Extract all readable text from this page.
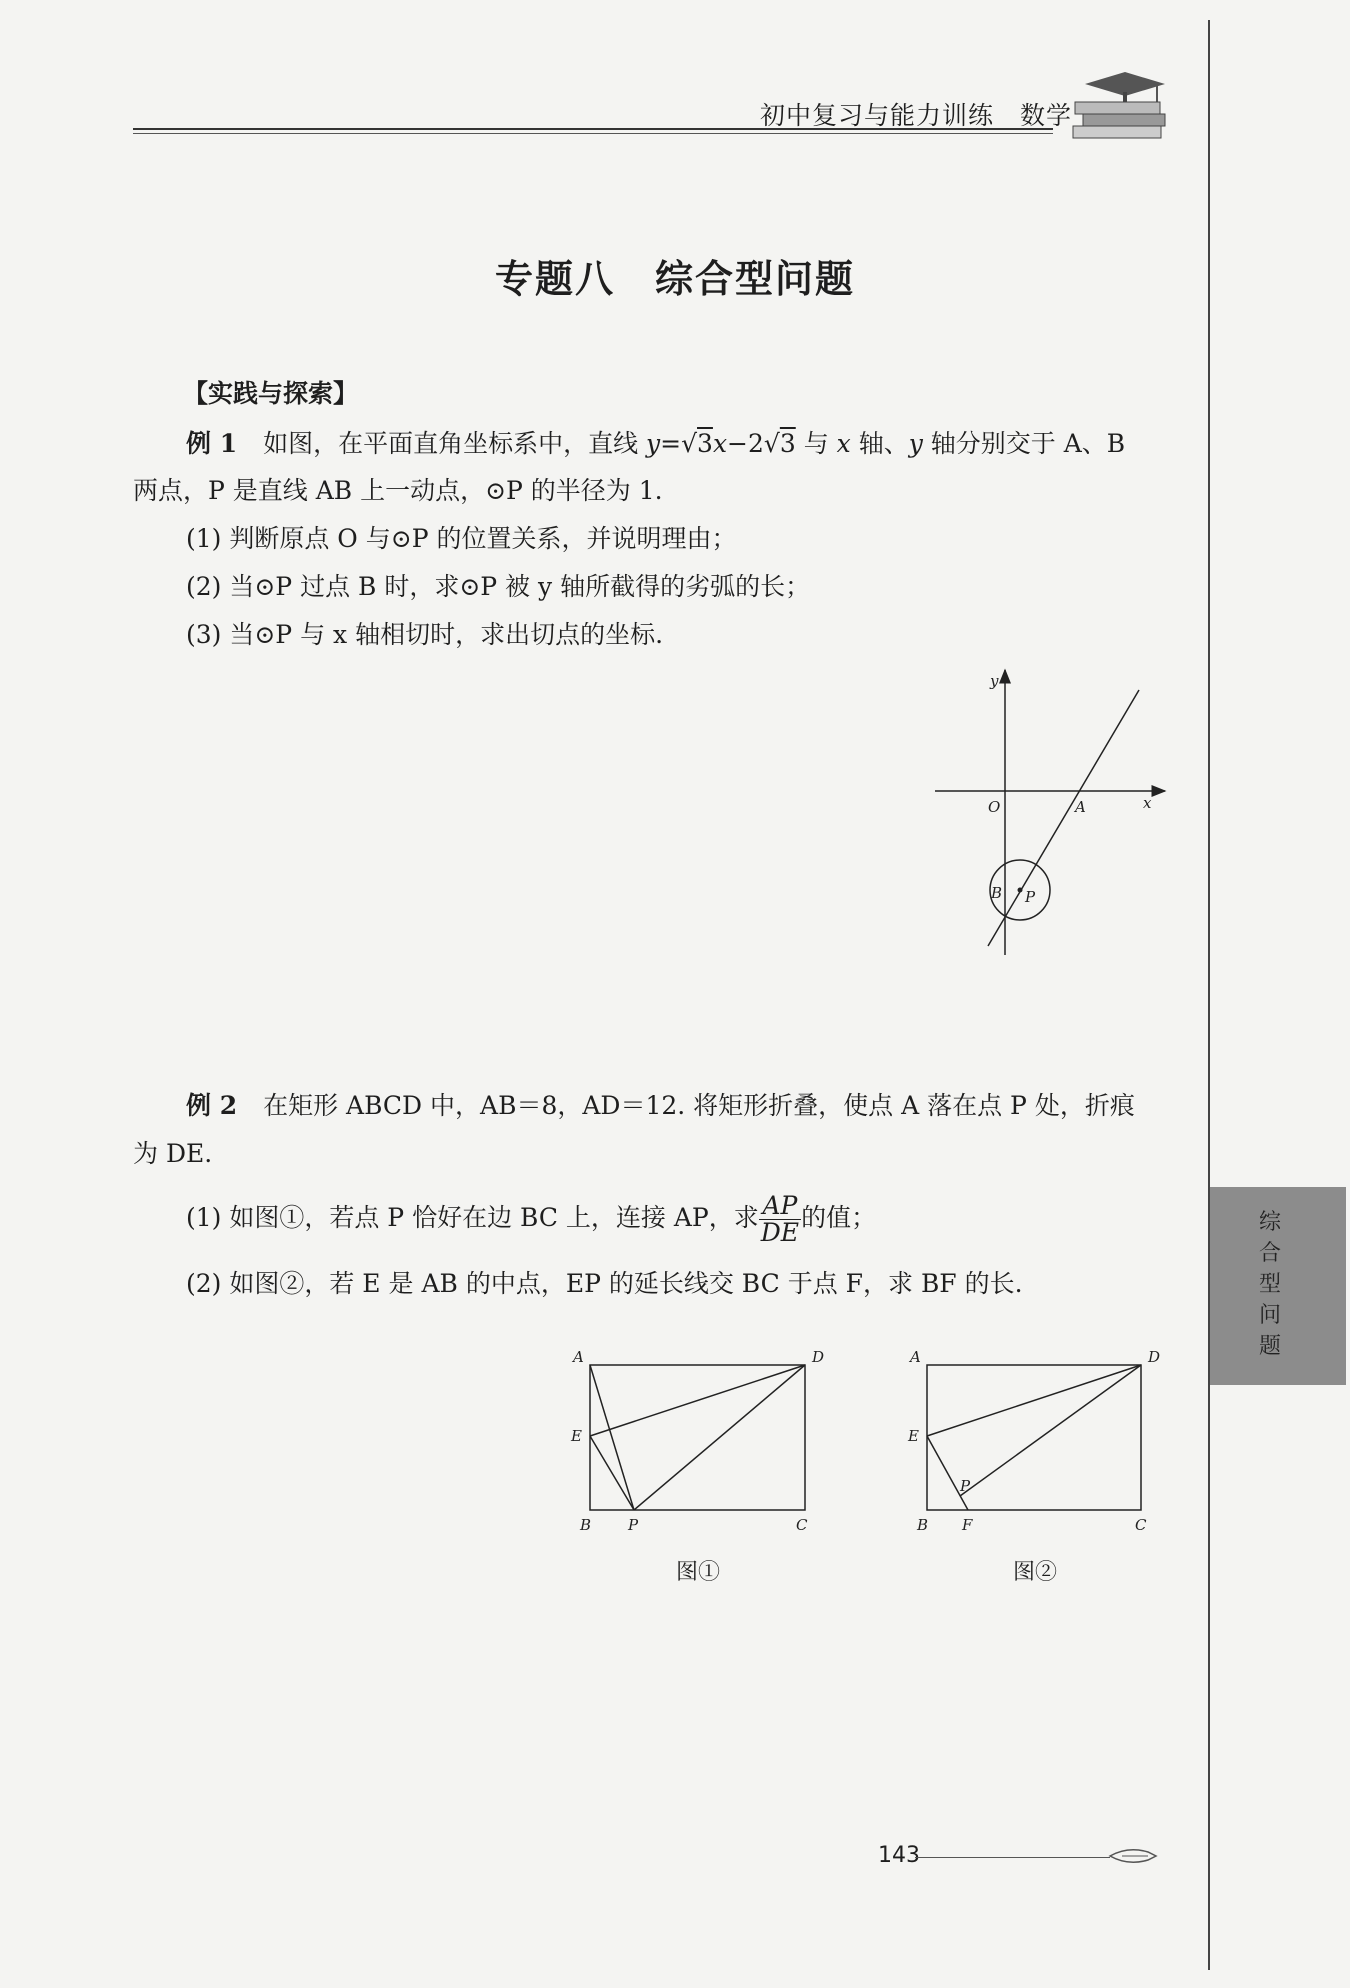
初中复习与能力训练　数学
专题八　综合型问题
【实践与探索】
例 1 如图，在平面直角坐标系中，直线 y=√3x−2√3 与 x 轴、y 轴分别交于 A、B
两点，P 是直线 AB 上一动点，⊙P 的半径为 1.
(1) 判断原点 O 与⊙P 的位置关系，并说明理由；
(2) 当⊙P 过点 B 时，求⊙P 被 y 轴所截得的劣弧的长；
(3) 当⊙P 与 x 轴相切时，求出切点的坐标.
y
x
O	A
B P
例 2 在矩形 ABCD 中，AB＝8，AD＝12. 将矩形折叠，使点 A 落在点 P 处，折痕
为 DE.
(1) 如图①，若点 P 恰好在边 BC 上，连接 AP，求 $\frac{AP}{DE}$ 的值；
(2) 如图②，若 E 是 AB 的中点，EP 的延长线交 BC 于点 F，求 BF 的长.
A	D
E
B P	C
图①
A	D
E
B F
P
C
图②
综
合
型
问
题
143
